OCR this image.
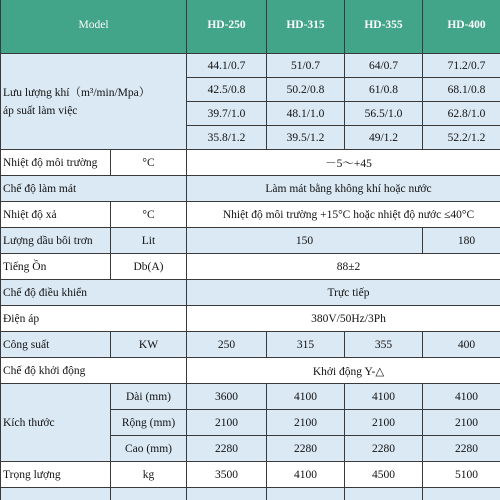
Model		HD-250	HD-315	HD-355	HD-400
Lưu lượng khí（m³/min/Mpa）
áp suất làm việc		44.1/0.7	51/0.7	64/0.7	71.2/0.7
		42.5/0.8	50.2/0.8	61/0.8	68.1/0.8
		39.7/1.0	48.1/1.0	56.5/1.0	62.8/1.0
		35.8/1.2	39.5/1.2	49/1.2	52.2/1.2
Nhiệt độ môi trường	°C	－5～+45			
Chế độ làm mát		Làm mát bằng không khí hoặc nước			
Nhiệt độ xả	°C	Nhiệt độ môi trường +15°C hoặc nhiệt độ nước ≤40°C			
Lượng dầu bôi trơn	Lit	150			180
Tiếng Ồn	Db(A)	88±2			
Chế độ điều khiển		Trực tiếp			
Điện áp		380V/50Hz/3Ph			
Công suất	KW	250	315	355	400
Chế độ khởi động		Khởi động Y-△			
Kích thước	Dài (mm)	3600	4100	4100	4100
	Rộng (mm)	2100	2100	2100	2100
	Cao (mm)	2280	2280	2280	2280
Trọng lượng	kg	3500	4100	4500	5100
